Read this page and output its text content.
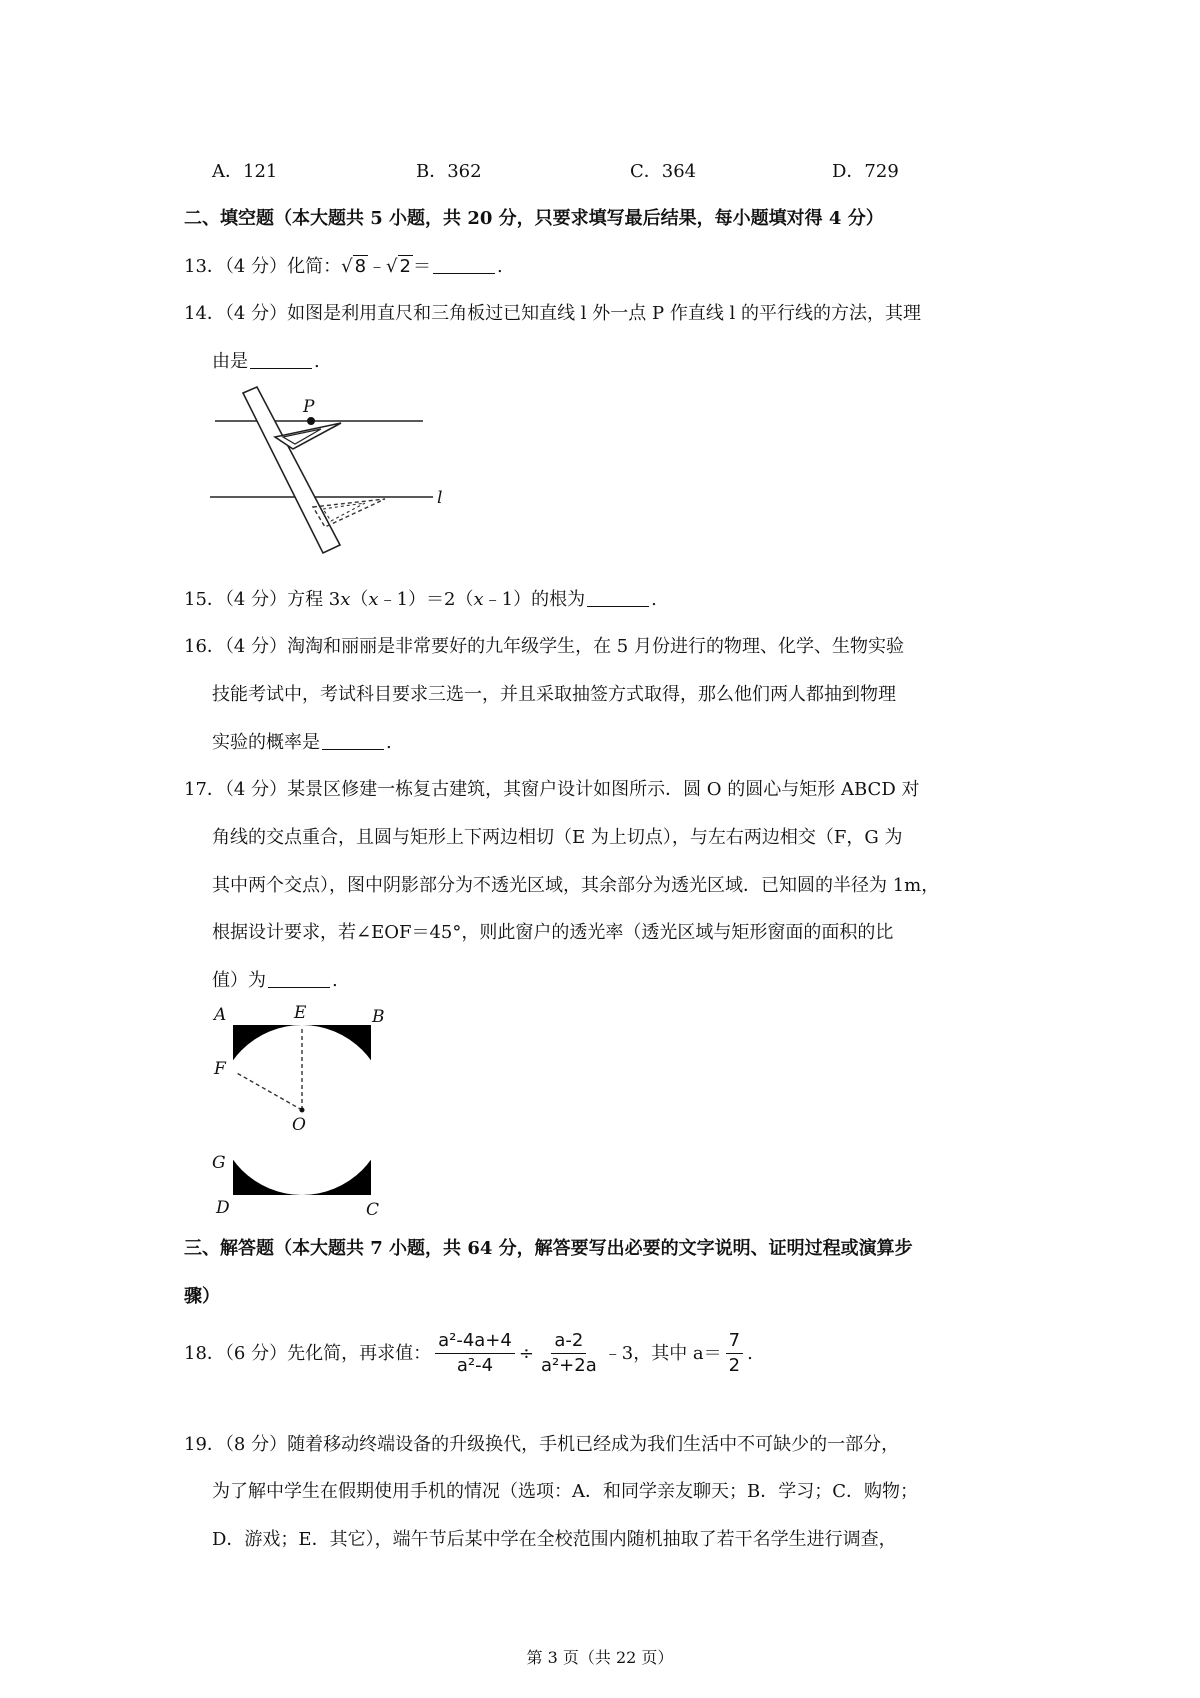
A．121	B．362	C．364	D．729
二、填空题（本大题共 5 小题，共 20 分，只要求填写最后结果，每小题填对得 4 分）
13．（4 分）化简：√ 8 ﹣√ 2 ＝	.
14．（4 分）如图是利用直尺和三角板过已知直线 l 外一点 P 作直线 l 的平行线的方法，其理
由是	.
P
l
15．（4 分）方程 3x（x﹣1）＝2（x﹣1）的根为	.
16．（4 分）淘淘和丽丽是非常要好的九年级学生，在 5 月份进行的物理、化学、生物实验
技能考试中，考试科目要求三选一，并且采取抽签方式取得，那么他们两人都抽到物理
实验的概率是	.
17．（4 分）某景区修建一栋复古建筑，其窗户设计如图所示．圆 O 的圆心与矩形 ABCD 对
角线的交点重合，且圆与矩形上下两边相切（E 为上切点），与左右两边相交（F，G 为
其中两个交点），图中阴影部分为不透光区域，其余部分为透光区域．已知圆的半径为 1m，
根据设计要求，若∠EOF＝45°，则此窗户的透光率（透光区域与矩形窗面的面积的比
值）为	.
A	E	B
F
O
G
D	C
三、解答题（本大题共 7 小题，共 64 分，解答要写出必要的文字说明、证明过程或演算步
骤）
18．（6 分）先化简，再求值： $\frac{\text{a²-4a+4}}{\text{a²-4}} \div \frac{a-2}{\text{a²+2a}}$ ﹣3，其中 $a= \frac{7}{2}$ .
19．（8 分）随着移动终端设备的升级换代，手机已经成为我们生活中不可缺少的一部分，
为了解中学生在假期使用手机的情况（选项：A．和同学亲友聊天；B．学习；C．购物；
D．游戏；E．其它），端午节后某中学在全校范围内随机抽取了若干名学生进行调查，
第 3 页（共 22 页）
